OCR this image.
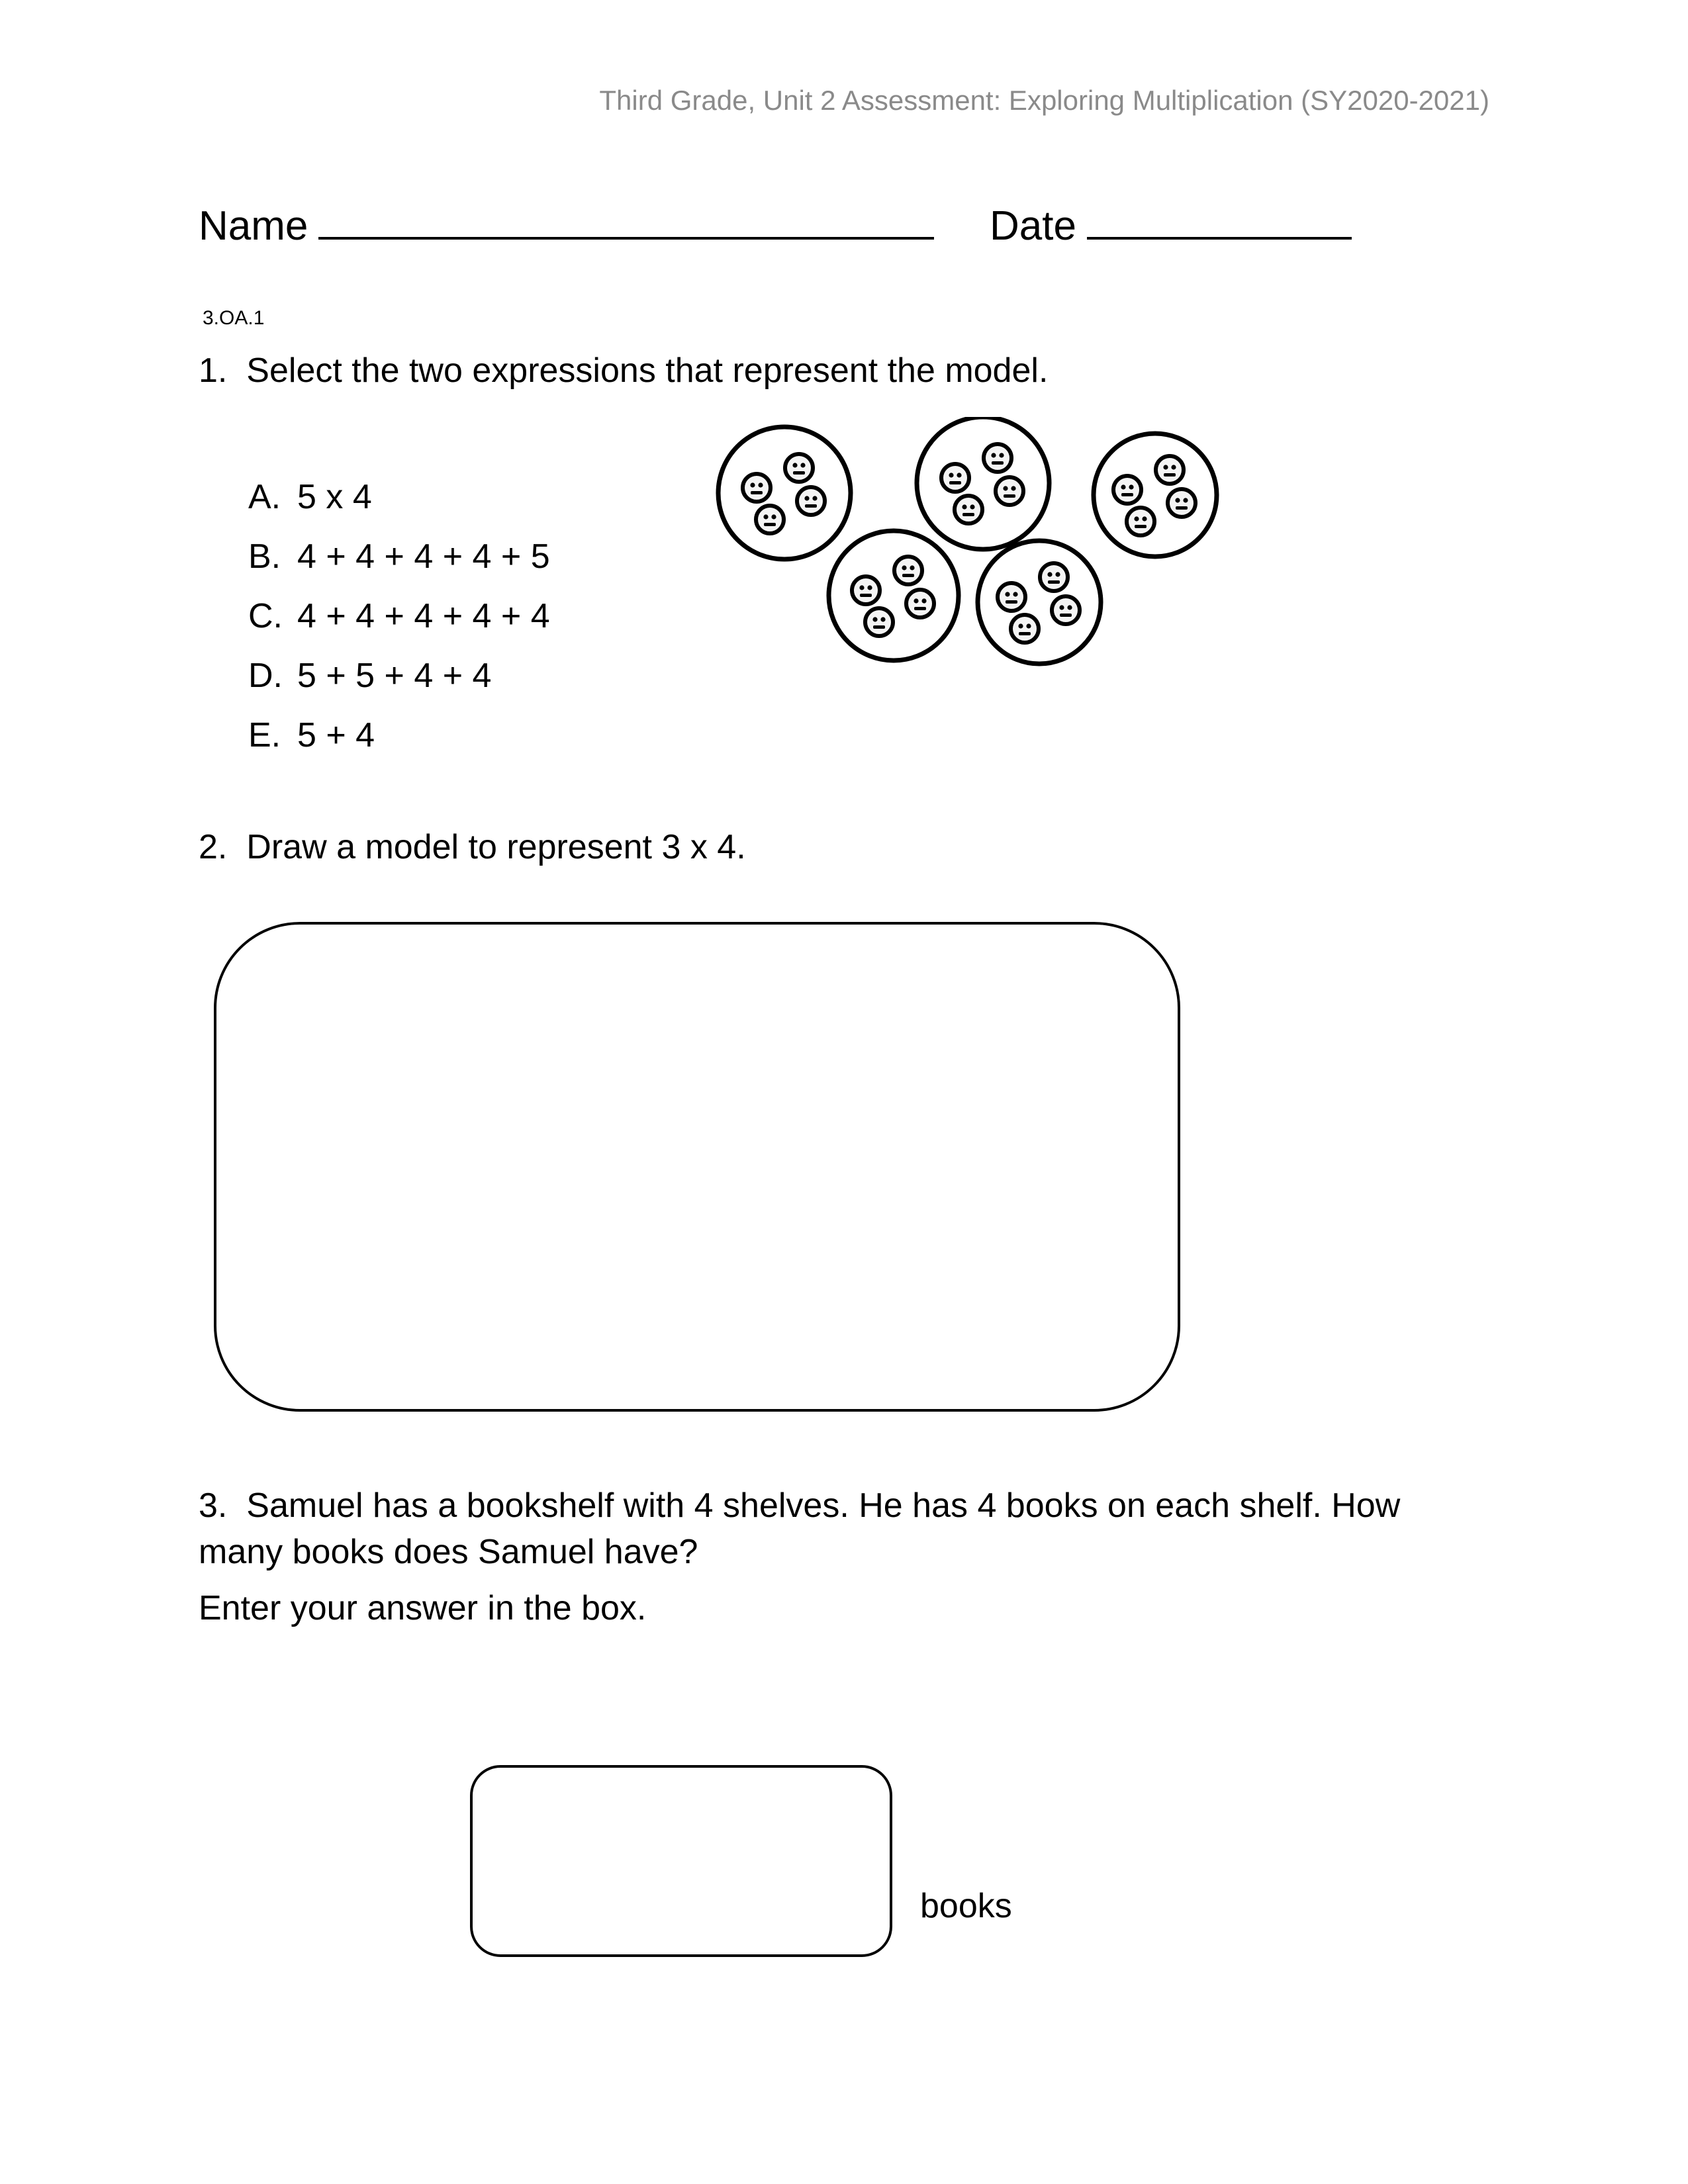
Third Grade, Unit 2 Assessment: Exploring Multiplication (SY2020-2021)
Name	Date
3.OA.1
1. Select the two expressions that represent the model.
A. 5 x 4
B. 4 + 4 + 4 + 4 + 5
C. 4 + 4 + 4 + 4 + 4
D. 5 + 5 + 4 + 4
E. 5 + 4
2. Draw a model to represent 3 x 4.
3. Samuel has a bookshelf with 4 shelves. He has 4 books on each shelf. How many books does Samuel have?
Enter your answer in the box.
books
